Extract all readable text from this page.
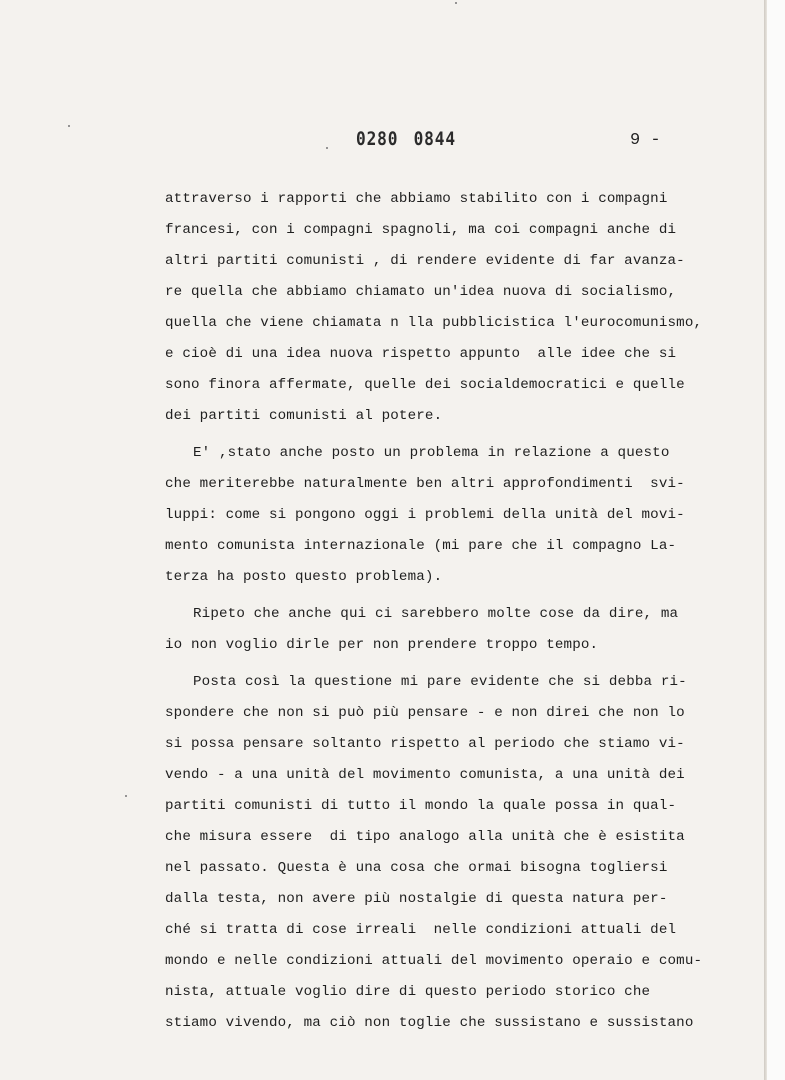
0280 0844	9 -
attraverso i rapporti che abbiamo stabilito con i compagni
francesi, con i compagni spagnoli, ma coi compagni anche di
altri partiti comunisti , di rendere evidente di far avanza-
re quella che abbiamo chiamato un'idea nuova di socialismo,
quella che viene chiamata n lla pubblicistica l'eurocomunismo,
e cioè di una idea nuova rispetto appunto  alle idee che si
sono finora affermate, quelle dei socialdemocratici e quelle
dei partiti comunisti al potere.
E' ,stato anche posto un problema in relazione a questo
che meriterebbe naturalmente ben altri approfondimenti  svi-
luppi: come si pongono oggi i problemi della unità del movi-
mento comunista internazionale (mi pare che il compagno La-
terza ha posto questo problema).
Ripeto che anche qui ci sarebbero molte cose da dire, ma
io non voglio dirle per non prendere troppo tempo.
Posta così la questione mi pare evidente che si debba ri-
spondere che non si può più pensare - e non direi che non lo
si possa pensare soltanto rispetto al periodo che stiamo vi-
vendo - a una unità del movimento comunista, a una unità dei
partiti comunisti di tutto il mondo la quale possa in qual-
che misura essere  di tipo analogo alla unità che è esistita
nel passato. Questa è una cosa che ormai bisogna togliersi
dalla testa, non avere più nostalgie di questa natura per-
ché si tratta di cose irreali  nelle condizioni attuali del
mondo e nelle condizioni attuali del movimento operaio e comu-
nista, attuale voglio dire di questo periodo storico che
stiamo vivendo, ma ciò non toglie che sussistano e sussistano
